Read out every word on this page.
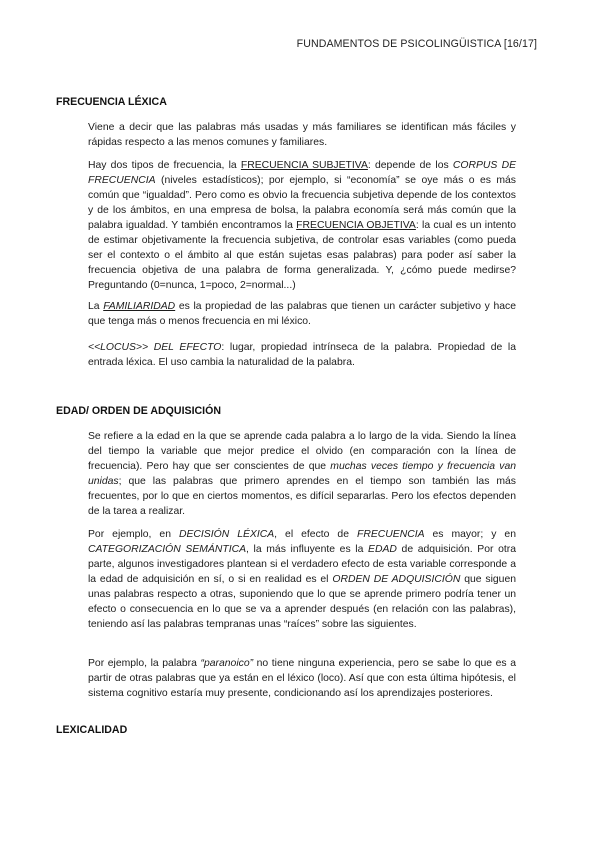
FUNDAMENTOS DE PSICOLINGÜISTICA [16/17]
FRECUENCIA LÉXICA
Viene a decir que las palabras más usadas y más familiares se identifican más fáciles y rápidas respecto a las menos comunes y familiares.
Hay dos tipos de frecuencia, la FRECUENCIA SUBJETIVA: depende de los CORPUS DE FRECUENCIA (niveles estadísticos); por ejemplo, si “economía” se oye más o es más común que “igualdad”. Pero como es obvio la frecuencia subjetiva depende de los contextos y de los ámbitos, en una empresa de bolsa, la palabra economía será más común que la palabra igualdad. Y también encontramos la FRECUENCIA OBJETIVA: la cual es un intento de estimar objetivamente la frecuencia subjetiva, de controlar esas variables (como pueda ser el contexto o el ámbito al que están sujetas esas palabras) para poder así saber la frecuencia objetiva de una palabra de forma generalizada. Y, ¿cómo puede medirse? Preguntando (0=nunca, 1=poco, 2=normal...)
La FAMILIARIDAD es la propiedad de las palabras que tienen un carácter subjetivo y hace que tenga más o menos frecuencia en mi léxico.
<<LOCUS>> DEL EFECTO: lugar, propiedad intrínseca de la palabra. Propiedad de la entrada léxica. El uso cambia la naturalidad de la palabra.
EDAD/ ORDEN DE ADQUISICIÓN
Se refiere a la edad en la que se aprende cada palabra a lo largo de la vida. Siendo la línea del tiempo la variable que mejor predice el olvido (en comparación con la línea de frecuencia). Pero hay que ser conscientes de que muchas veces tiempo y frecuencia van unidas; que las palabras que primero aprendes en el tiempo son también las más frecuentes, por lo que en ciertos momentos, es difícil separarlas. Pero los efectos dependen de la tarea a realizar.
Por ejemplo, en DECISIÓN LÉXICA, el efecto de FRECUENCIA es mayor; y en CATEGORIZACIÓN SEMÁNTICA, la más influyente es la EDAD de adquisición. Por otra parte, algunos investigadores plantean si el verdadero efecto de esta variable corresponde a la edad de adquisición en sí, o si en realidad es el ORDEN DE ADQUISICIÓN que siguen unas palabras respecto a otras, suponiendo que lo que se aprende primero podría tener un efecto o consecuencia en lo que se va a aprender después (en relación con las palabras), teniendo así las palabras tempranas unas “raíces” sobre las siguientes.
Por ejemplo, la palabra “paranoico” no tiene ninguna experiencia, pero se sabe lo que es a partir de otras palabras que ya están en el léxico (loco). Así que con esta última hipótesis, el sistema cognitivo estaría muy presente, condicionando así los aprendizajes posteriores.
LEXICALIDAD
